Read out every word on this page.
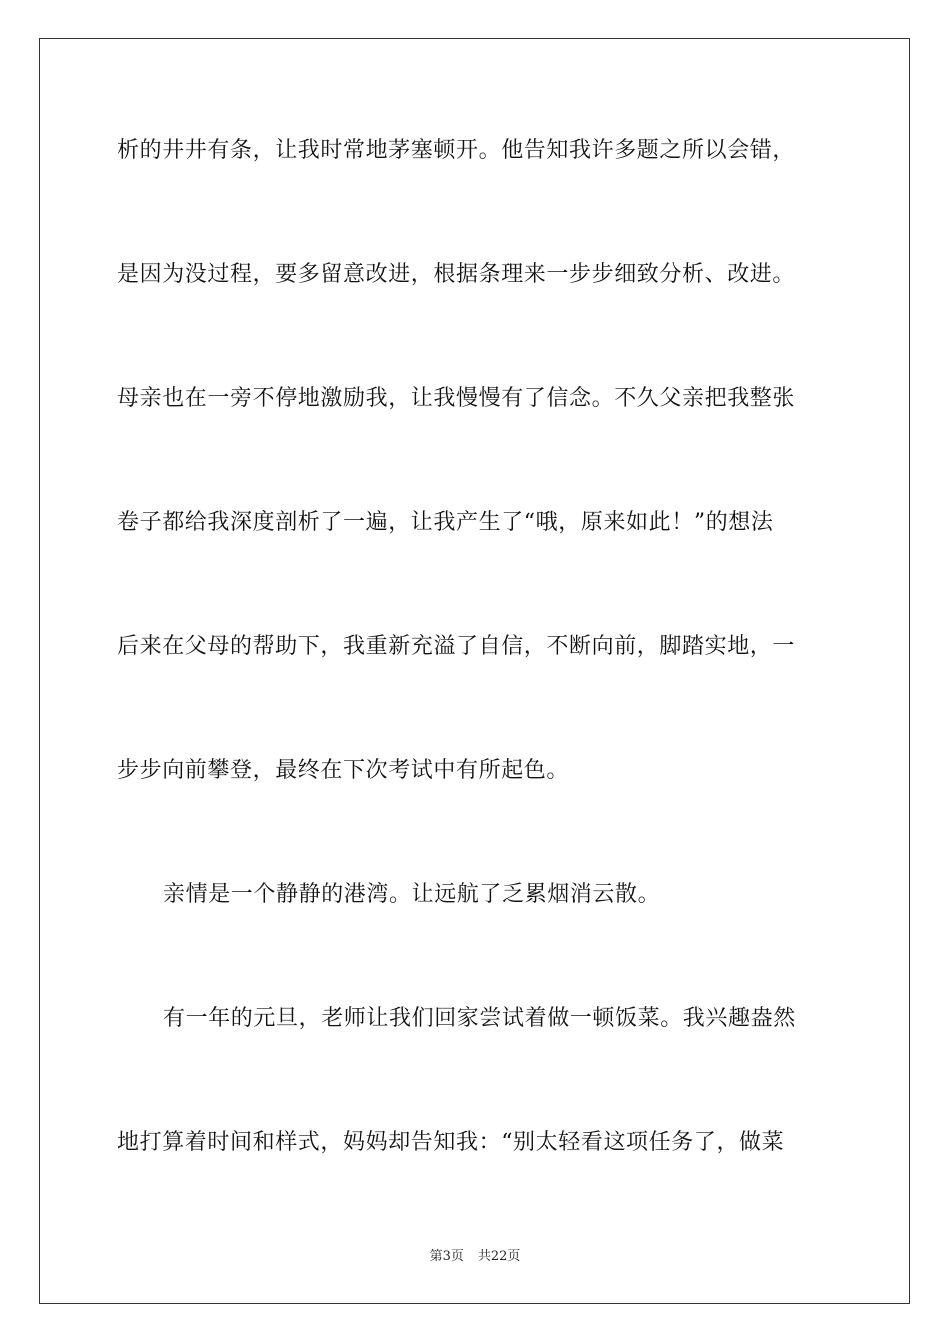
析的井井有条，让我时常地茅塞顿开。他告知我许多题之所以会错，
是因为没过程，要多留意改进，根据条理来一步步细致分析、改进。
母亲也在一旁不停地激励我，让我慢慢有了信念。不久父亲把我整张
卷子都给我深度剖析了一遍，让我产生了“哦，原来如此！”的想法
后来在父母的帮助下，我重新充溢了自信，不断向前，脚踏实地，一
步步向前攀登，最终在下次考试中有所起色。
亲情是一个静静的港湾。让远航了乏累烟消云散。
有一年的元旦，老师让我们回家尝试着做一顿饭菜。我兴趣盎然
地打算着时间和样式，妈妈却告知我：“别太轻看这项任务了，做菜
第3页 共22页
